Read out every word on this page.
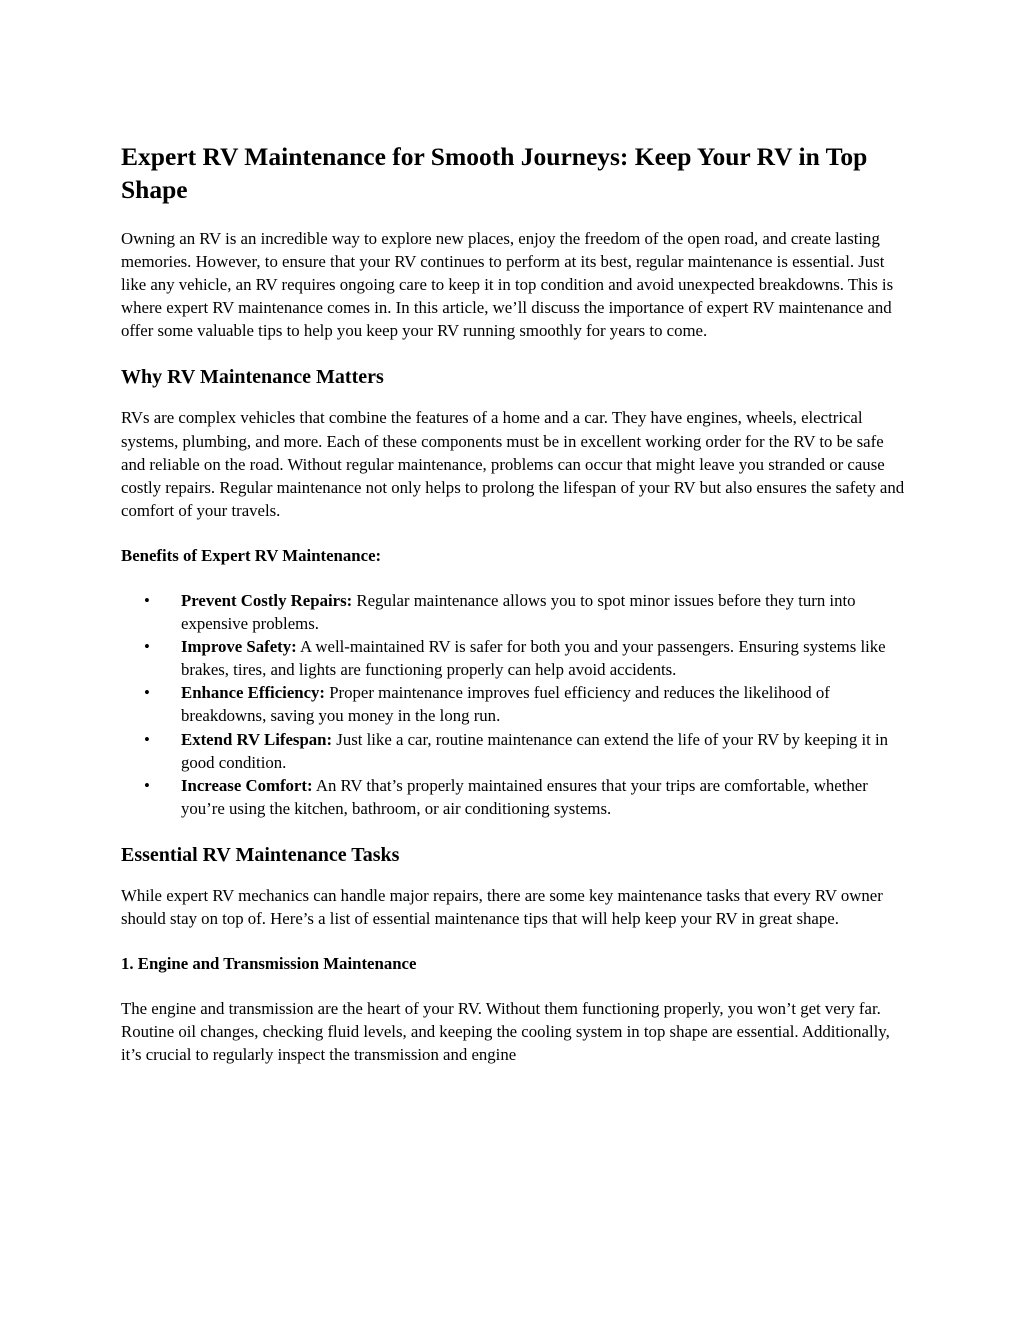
Expert RV Maintenance for Smooth Journeys: Keep Your RV in Top Shape

Owning an RV is an incredible way to explore new places, enjoy the freedom of the open road, and create lasting memories. However, to ensure that your RV continues to perform at its best, regular maintenance is essential. Just like any vehicle, an RV requires ongoing care to keep it in top condition and avoid unexpected breakdowns. This is where expert RV maintenance comes in. In this article, we’ll discuss the importance of expert RV maintenance and offer some valuable tips to help you keep your RV running smoothly for years to come.

Why RV Maintenance Matters

RVs are complex vehicles that combine the features of a home and a car. They have engines, wheels, electrical systems, plumbing, and more. Each of these components must be in excellent working order for the RV to be safe and reliable on the road. Without regular maintenance, problems can occur that might leave you stranded or cause costly repairs. Regular maintenance not only helps to prolong the lifespan of your RV but also ensures the safety and comfort of your travels.

Benefits of Expert RV Maintenance:
• Prevent Costly Repairs: Regular maintenance allows you to spot minor issues before they turn into expensive problems.
• Improve Safety: A well-maintained RV is safer for both you and your passengers. Ensuring systems like brakes, tires, and lights are functioning properly can help avoid accidents.
• Enhance Efficiency: Proper maintenance improves fuel efficiency and reduces the likelihood of breakdowns, saving you money in the long run.
• Extend RV Lifespan: Just like a car, routine maintenance can extend the life of your RV by keeping it in good condition.
• Increase Comfort: An RV that’s properly maintained ensures that your trips are comfortable, whether you’re using the kitchen, bathroom, or air conditioning systems.
Essential RV Maintenance Tasks

While expert RV mechanics can handle major repairs, there are some key maintenance tasks that every RV owner should stay on top of. Here’s a list of essential maintenance tips that will help keep your RV in great shape.

1. Engine and Transmission Maintenance

The engine and transmission are the heart of your RV. Without them functioning properly, you won’t get very far. Routine oil changes, checking fluid levels, and keeping the cooling system in top shape are essential. Additionally, it’s crucial to regularly inspect the transmission and engine
